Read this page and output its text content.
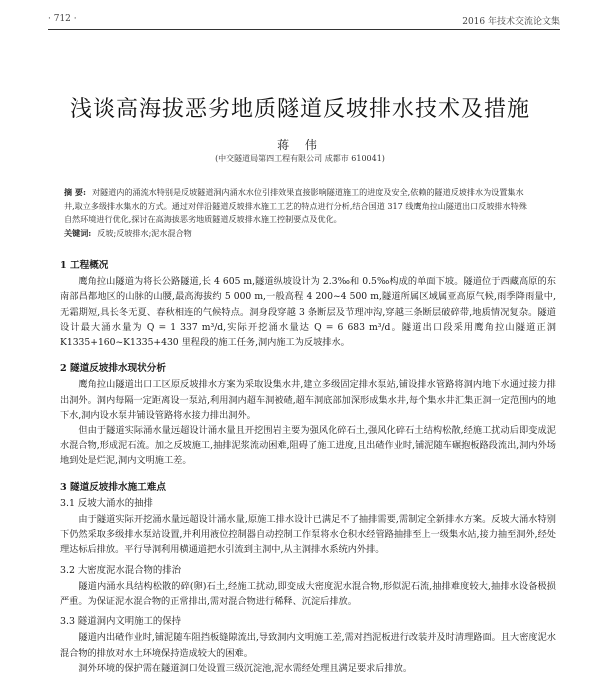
· 712 ·	2016 年技术交流论文集
浅谈高海拔恶劣地质隧道反坡排水技术及措施
蒋 伟
(中交隧道局第四工程有限公司 成都市 610041)
摘 要: 对隧道内的涌流水特别是反坡隧道洞内涌水水位引排效果直接影响隧道施工的进度及安全,依赖的隧道反坡排水为设置集水井,取立多级排水集水的方式。通过对伴沿隧道反坡排水施工工艺的特点进行分析,结合国道 317 线鹰角拉山隧道出口反坡排水特殊自然环境进行优化,探讨在高海拔恶劣地质隧道反坡排水施工控制要点及优化。
关键词: 反坡;反坡排水;泥水混合物
1 工程概况

鹰角拉山隧道为将长公路隧道,长 4 605 m,隧道纵坡设计为 2.3‰和 0.5‰构成的单面下坡。隧道位于西藏高原的东南部昌都地区的山脉的山腰,最高海拔约 5 000 m,一般高程 4 200~4 500 m,隧道所属区域属亚高原气候,雨季降雨量中,无霜期短,具长冬无夏、春秋相连的气候特点。洞身段穿越 3 条断层及节理冲沟,穿越三条断层破碎带,地质情况复杂。隧道设计最大涌水量为 Q = 1 337 m³/d,实际开挖涌水量达 Q = 6 683 m³/d。隧道出口段采用鹰角拉山隧道正洞 K1335+160~K1335+430 里程段的施工任务,洞内施工为反坡排水。

2 隧道反坡排水现状分析

鹰角拉山隧道出口工区原反坡排水方案为采取设集水井,建立多级固定排水泵站,铺设排水管路将洞内地下水通过接力排出洞外。洞内每隔一定距离设一泵站,利用洞内超车洞被碴,超车洞底部加深形成集水井,每个集水井汇集正洞一定范围内的地下水,洞内设水泵井铺设管路将水接力排出洞外。

但由于隧道实际涌水量远超设计涌水量且开挖围岩主要为强风化碎石土,强风化碎石土结构松散,经施工扰动后即变成泥水混合物,形成泥石流。加之反坡施工,抽排泥浆流动困难,阻碍了施工进度,且出碴作业时,铺泥随车碾抱板路段流出,洞内外场地到处是烂泥,洞内文明施工差。

3 隧道反坡排水施工难点
3.1 反坡大涌水的抽排

由于隧道实际开挖涌水量远超设计涌水量,原施工排水设计已满足不了抽排需要,需制定全新排水方案。反坡大涌水特别下仍然采取多级排水泵站设置,并利用液位控制器自动控制工作泵将水仓积水经管路抽排至上一级集水站,接力抽至洞外,经处理达标后排放。平行导洞利用横通道把水引流到主洞中,从主洞排水系统内外排。

3.2 大密度泥水混合物的排治

隧道内涌水具结构松散的碎(卵)石土,经施工扰动,即变成大密度泥水混合物,形似泥石流,抽排难度较大,抽排水设备极损严重。为保证泥水混合物的正常排出,需对混合物进行稀释、沉淀后排放。

3.3 隧道洞内文明施工的保持

隧道内出碴作业时,铺泥随车阻挡板缝隙流出,导致洞内文明施工差,需对挡泥板进行改装并及时清理路面。且大密度泥水混合物的排放对水土环境保持造成较大的困难。

洞外环境的保护需在隧道洞口处设置三级沉淀池,泥水需经处理且满足要求后排放。
